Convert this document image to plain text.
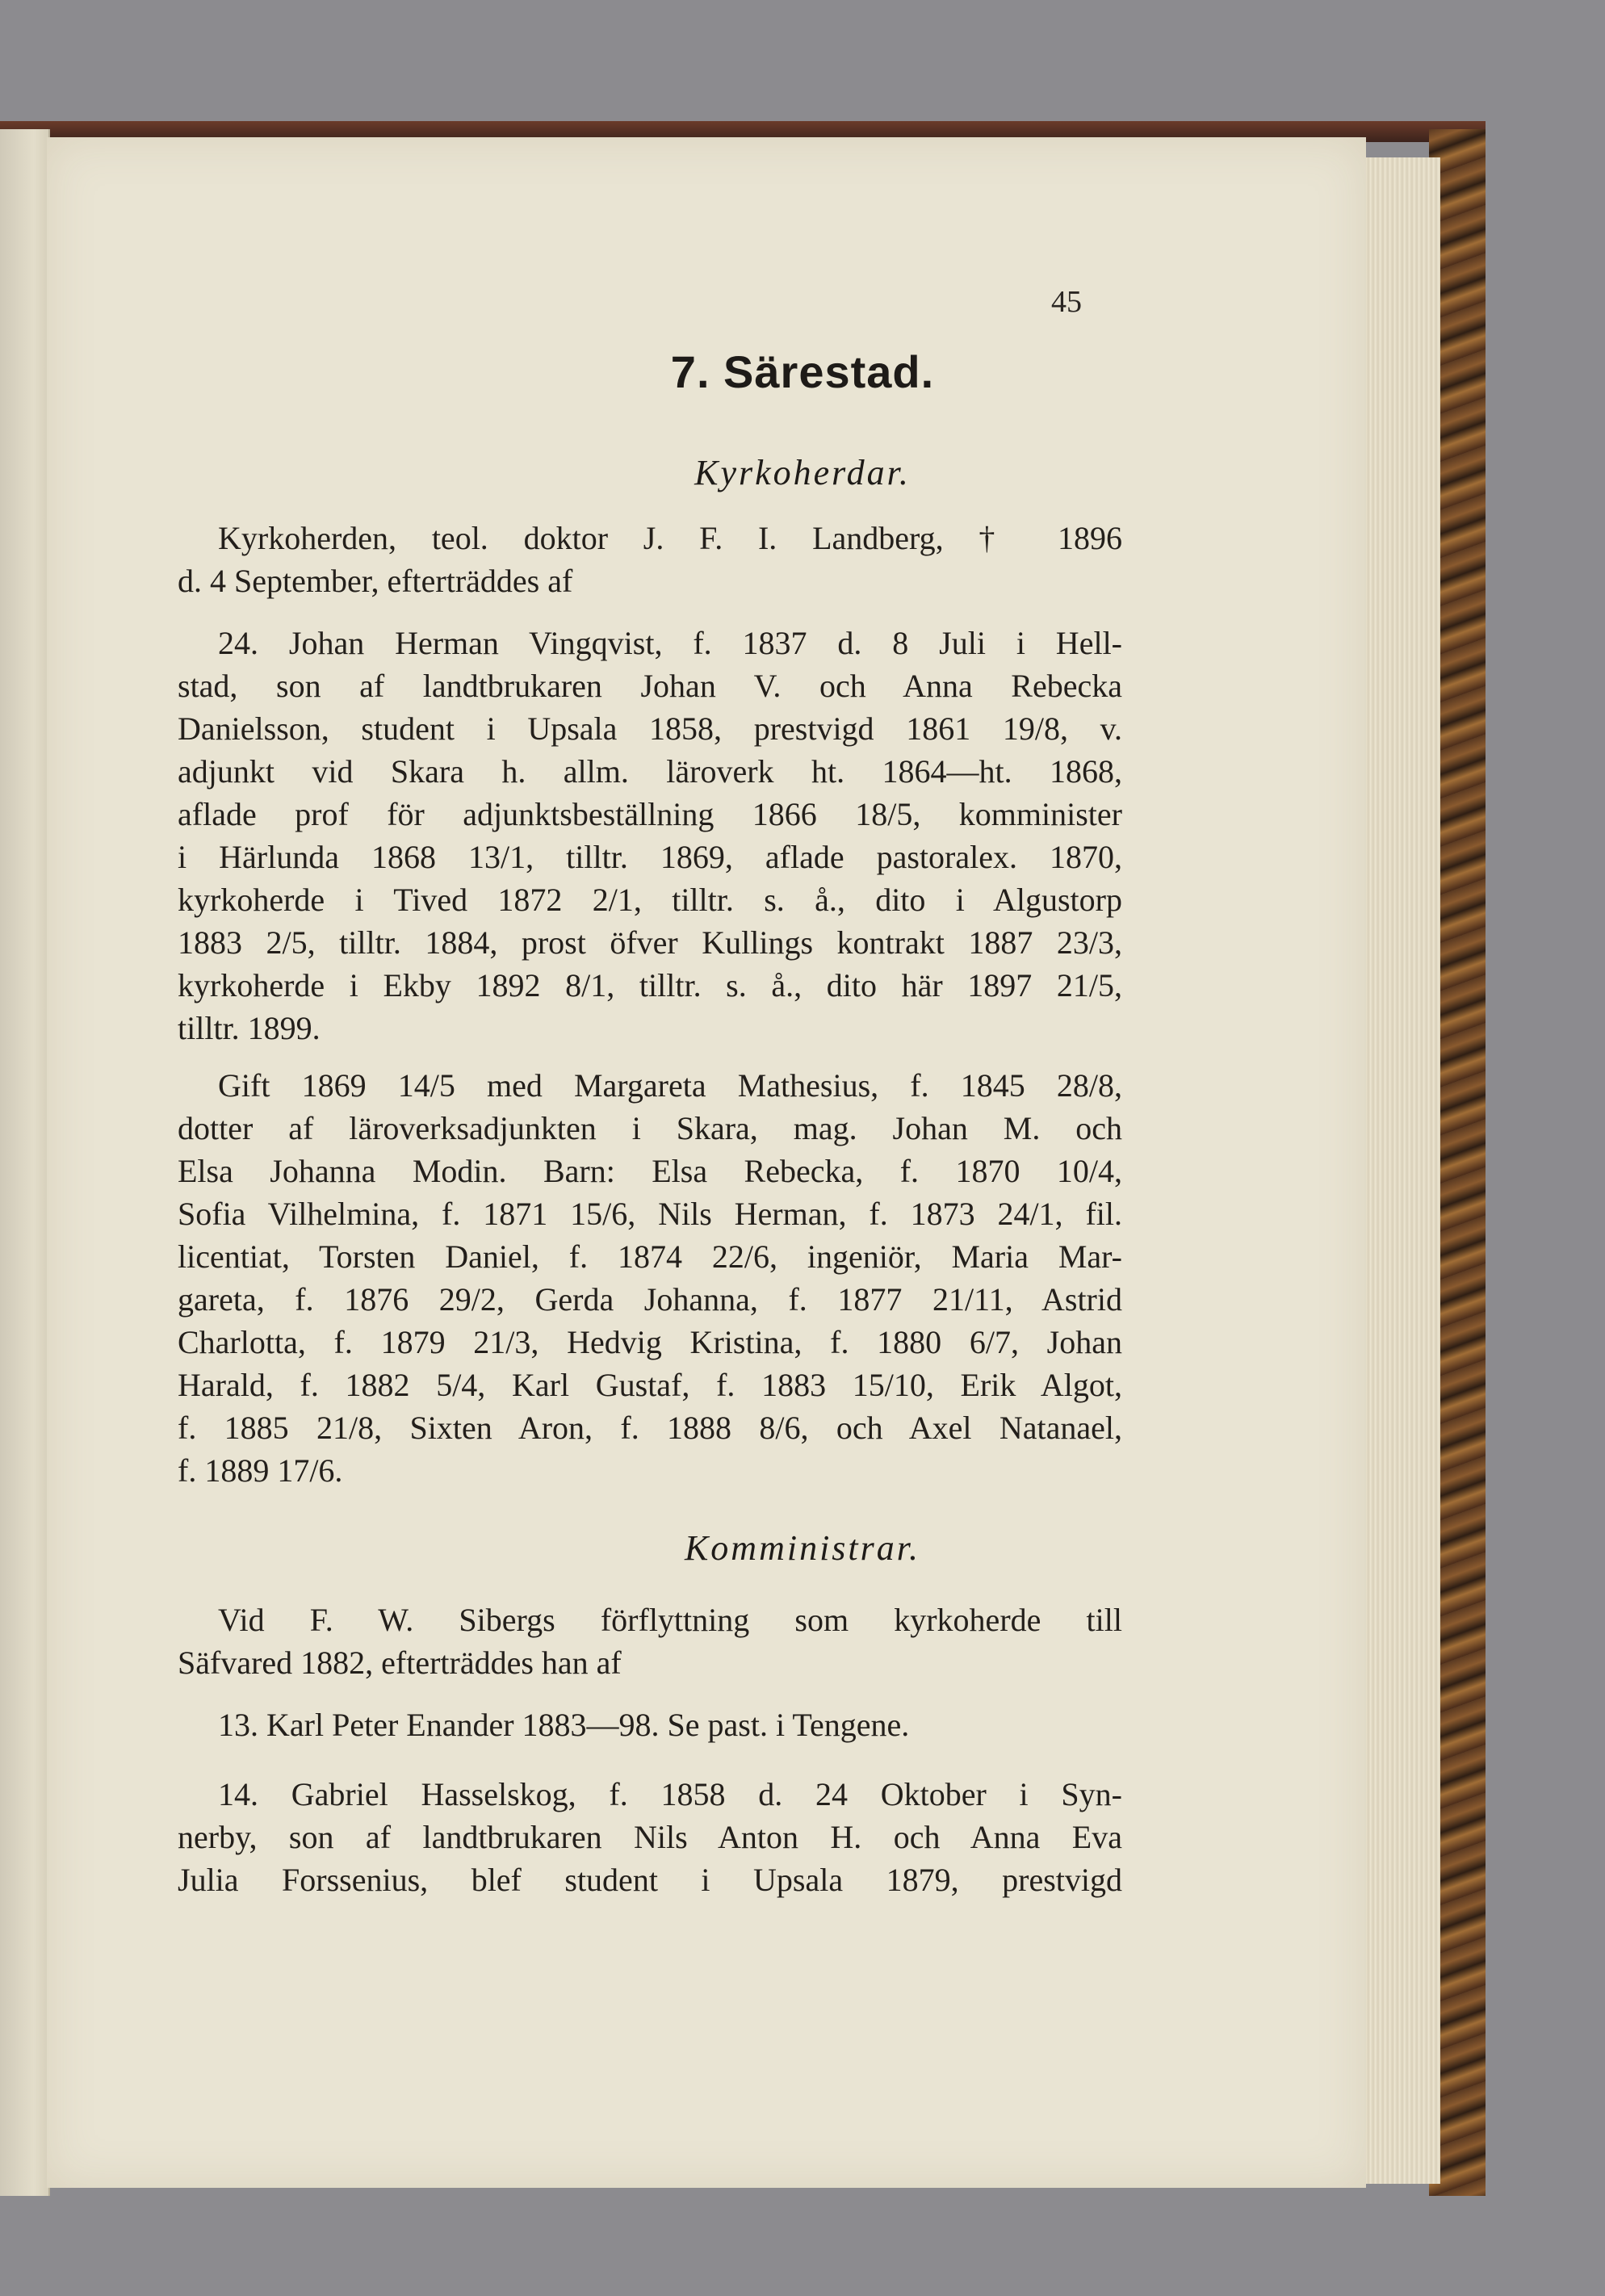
45
7. Särestad.
Kyrkoherdar.
Kyrkoherden, teol. doktor J. F. I. Landberg, † 1896
d. 4 September, efterträddes af
24. Johan Herman Vingqvist, f. 1837 d. 8 Juli i Hell-
stad, son af landtbrukaren Johan V. och Anna Rebecka
Danielsson, student i Upsala 1858, prestvigd 1861 19/8, v.
adjunkt vid Skara h. allm. läroverk ht. 1864—ht. 1868,
aflade prof för adjunktsbeställning 1866 18/5, komminister
i Härlunda 1868 13/1, tilltr. 1869, aflade pastoralex. 1870,
kyrkoherde i Tived 1872 2/1, tilltr. s. å., dito i Algustorp
1883 2/5, tilltr. 1884, prost öfver Kullings kontrakt 1887 23/3,
kyrkoherde i Ekby 1892 8/1, tilltr. s. å., dito här 1897 21/5,
tilltr. 1899.
Gift 1869 14/5 med Margareta Mathesius, f. 1845 28/8,
dotter af läroverksadjunkten i Skara, mag. Johan M. och
Elsa Johanna Modin. Barn: Elsa Rebecka, f. 1870 10/4,
Sofia Vilhelmina, f. 1871 15/6, Nils Herman, f. 1873 24/1, fil.
licentiat, Torsten Daniel, f. 1874 22/6, ingeniör, Maria Mar-
gareta, f. 1876 29/2, Gerda Johanna, f. 1877 21/11, Astrid
Charlotta, f. 1879 21/3, Hedvig Kristina, f. 1880 6/7, Johan
Harald, f. 1882 5/4, Karl Gustaf, f. 1883 15/10, Erik Algot,
f. 1885 21/8, Sixten Aron, f. 1888 8/6, och Axel Natanael,
f. 1889 17/6.
Komministrar.
Vid F. W. Sibergs förflyttning som kyrkoherde till
Säfvared 1882, efterträddes han af
13. Karl Peter Enander 1883—98. Se past. i Tengene.
14. Gabriel Hasselskog, f. 1858 d. 24 Oktober i Syn-
nerby, son af landtbrukaren Nils Anton H. och Anna Eva
Julia Forssenius, blef student i Upsala 1879, prestvigd
